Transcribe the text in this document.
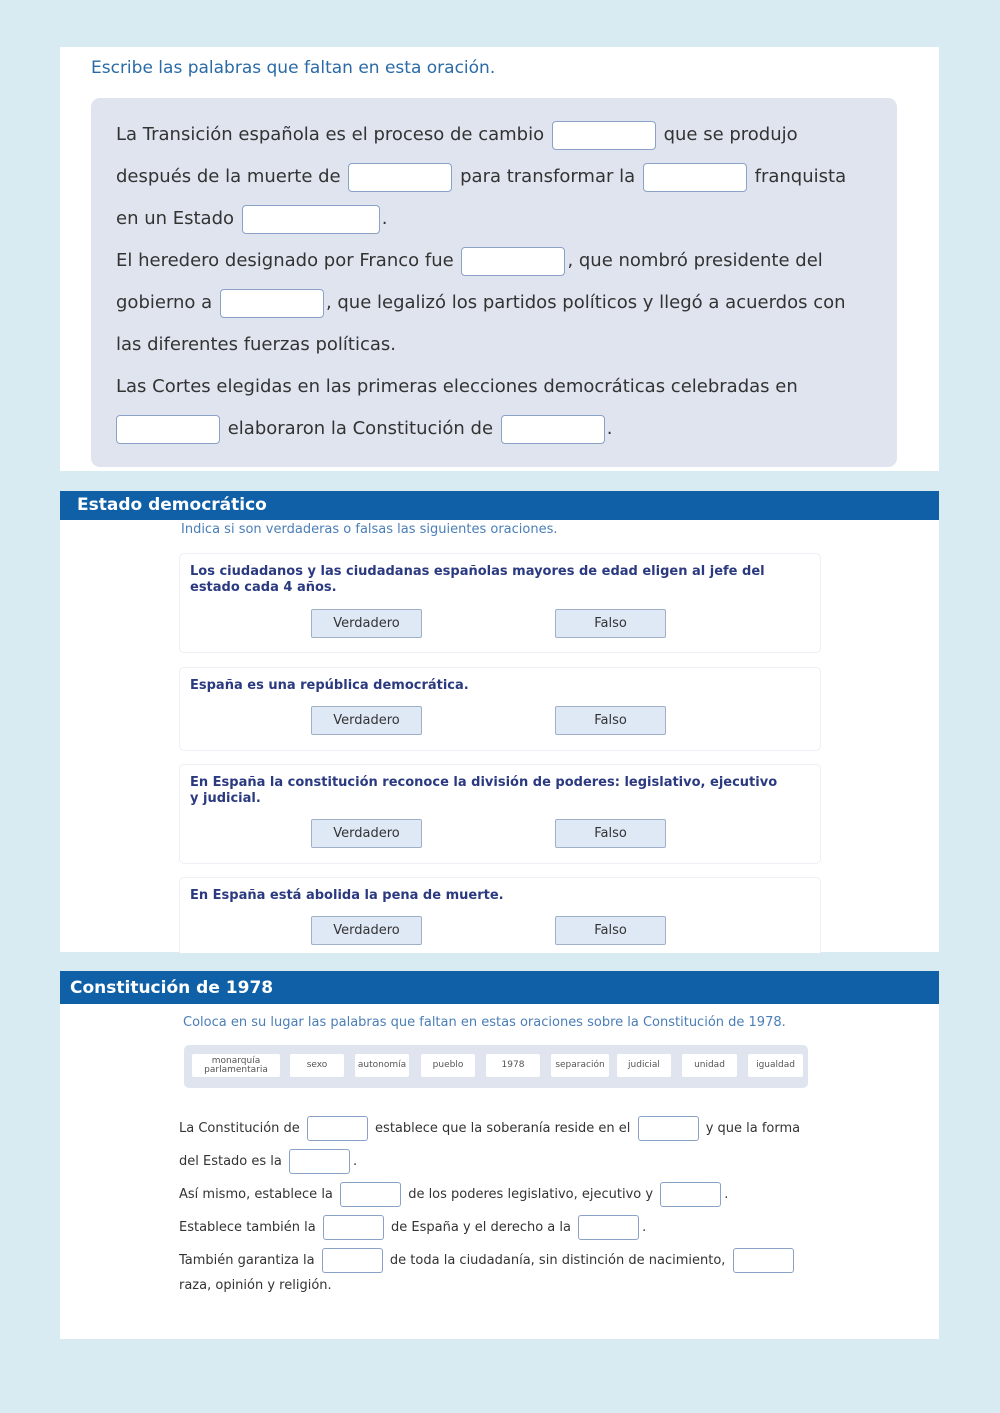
Escribe las palabras que faltan en esta oración.
La Transición española es el proceso de cambio	que se produjo
después de la muerte de	para transformar la	franquista
en un Estado	.
El heredero designado por Franco fue	, que nombró presidente del
gobierno a	, que legalizó los partidos políticos y llegó a acuerdos con
las diferentes fuerzas políticas.
Las Cortes elegidas en las primeras elecciones democráticas celebradas en
elaboraron la Constitución de	.
Estado democrático
Indica si son verdaderas o falsas las siguientes oraciones.
Los ciudadanos y las ciudadanas españolas mayores de edad eligen al jefe del estado cada 4 años.
Verdadero	Falso
España es una república democrática.
Verdadero	Falso
En España la constitución reconoce la división de poderes: legislativo, ejecutivo y judicial.
Verdadero	Falso
En España está abolida la pena de muerte.
Verdadero	Falso
Constitución de 1978
Coloca en su lugar las palabras que faltan en estas oraciones sobre la Constitución de 1978.
monarquía parlamentaria	sexo	autonomía	pueblo	1978	separación	judicial	unidad	igualdad
La Constitución de	establece que la soberanía reside en el	y que la forma
del Estado es la	.
Así mismo, establece la	de los poderes legislativo, ejecutivo y	.
Establece también la	de España y el derecho a la	.
También garantiza la	de toda la ciudadanía, sin distinción de nacimiento,
raza, opinión y religión.
